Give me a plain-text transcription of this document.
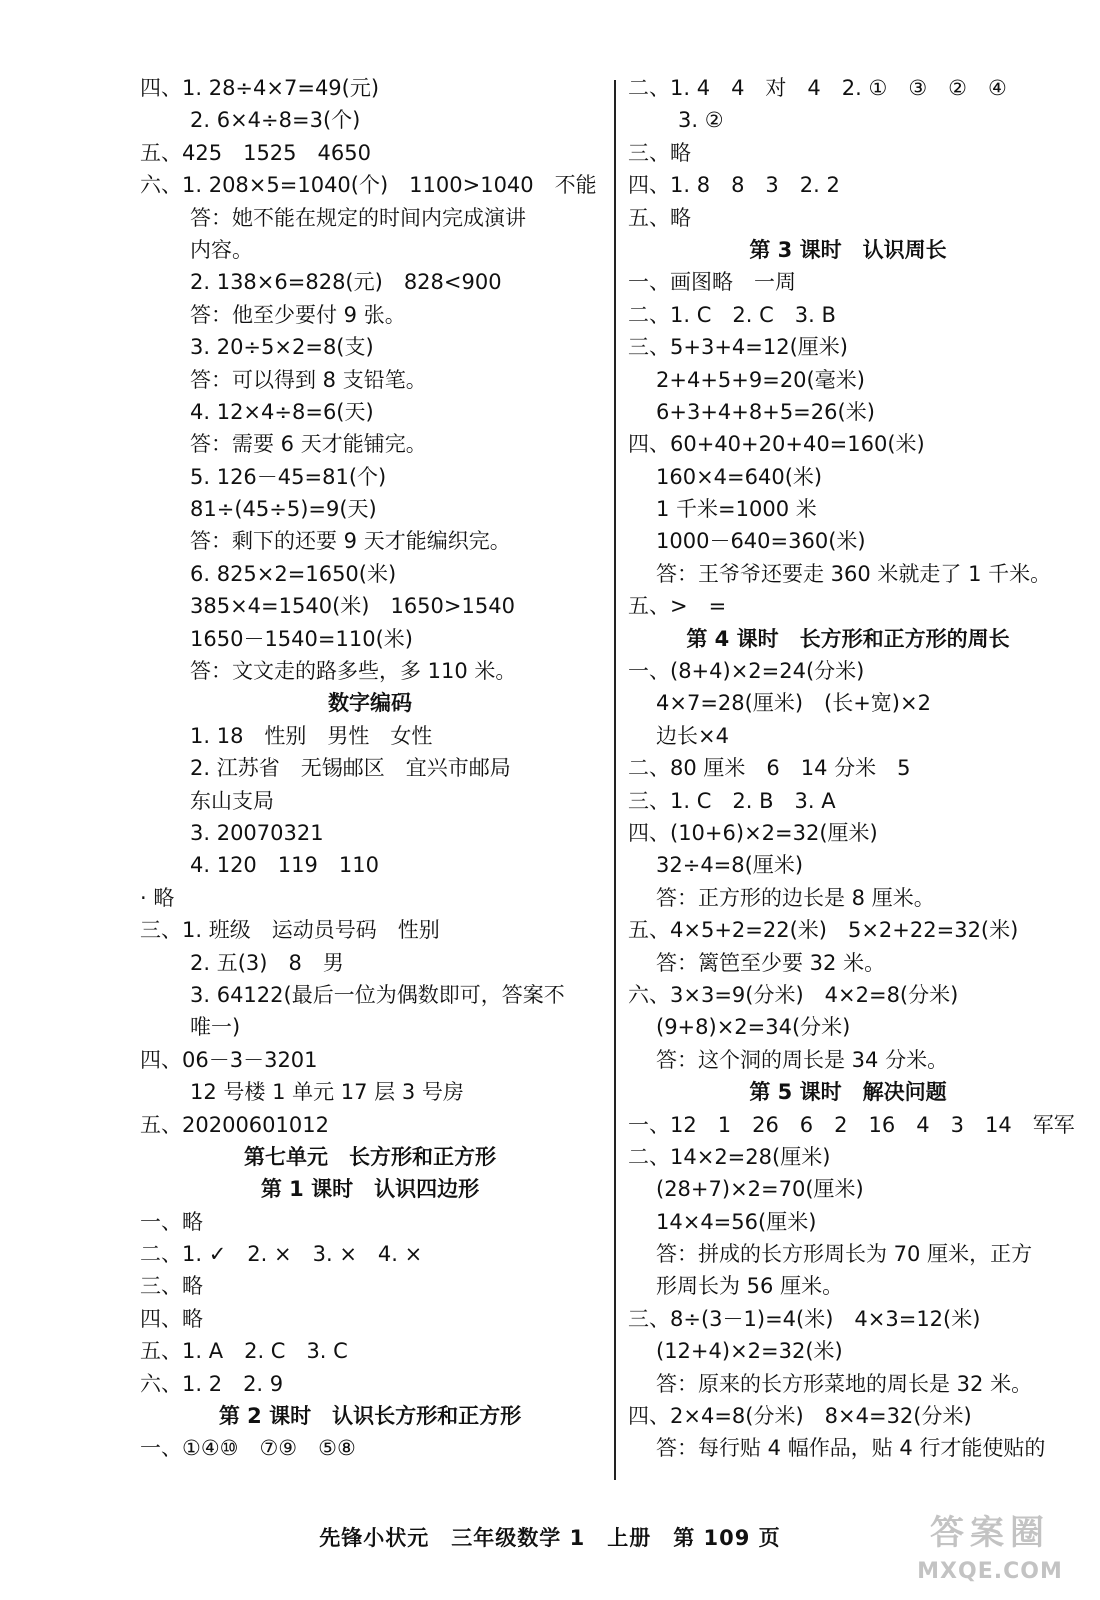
四、1. 28÷4×7=49(元)
2. 6×4÷8=3(个)
五、425　1525　4650
六、1. 208×5=1040(个)　1100>1040　不能
答：她不能在规定的时间内完成演讲
内容。
2. 138×6=828(元)　828<900
答：他至少要付 9 张。
3. 20÷5×2=8(支)
答：可以得到 8 支铅笔。
4. 12×4÷8=6(天)
答：需要 6 天才能铺完。
5. 126－45=81(个)
81÷(45÷5)=9(天)
答：剩下的还要 9 天才能编织完。
6. 825×2=1650(米)
385×4=1540(米)　1650>1540
1650－1540=110(米)
答：文文走的路多些，多 110 米。
数字编码
1. 18　性别　男性　女性
2. 江苏省　无锡邮区　宜兴市邮局
东山支局
3. 20070321
4. 120　119　110
· 略
三、1. 班级　运动员号码　性别
2. 五(3)　8　男
3. 64122(最后一位为偶数即可，答案不
唯一)
四、06－3－3201
12 号楼 1 单元 17 层 3 号房
五、20200601012
第七单元　长方形和正方形
第 1 课时　认识四边形
一、略
二、1. ✓　2. ×　3. ×　4. ×
三、略
四、略
五、1. A　2. C　3. C
六、1. 2　2. 9
第 2 课时　认识长方形和正方形
一、①④⑩　⑦⑨　⑤⑧
二、1. 4　4　对　4　2. ①　③　②　④
3. ②
三、略
四、1. 8　8　3　2. 2
五、略
第 3 课时　认识周长
一、画图略　一周
二、1. C　2. C　3. B
三、5+3+4=12(厘米)
2+4+5+9=20(毫米)
6+3+4+8+5=26(米)
四、60+40+20+40=160(米)
160×4=640(米)
1 千米=1000 米
1000－640=360(米)
答：王爷爷还要走 360 米就走了 1 千米。
五、>　=
第 4 课时　长方形和正方形的周长
一、(8+4)×2=24(分米)
4×7=28(厘米)　(长+宽)×2
边长×4
二、80 厘米　6　14 分米　5
三、1. C　2. B　3. A
四、(10+6)×2=32(厘米)
32÷4=8(厘米)
答：正方形的边长是 8 厘米。
五、4×5+2=22(米)　5×2+22=32(米)
答：篱笆至少要 32 米。
六、3×3=9(分米)　4×2=8(分米)
(9+8)×2=34(分米)
答：这个洞的周长是 34 分米。
第 5 课时　解决问题
一、12　1　26　6　2　16　4　3　14　军军
二、14×2=28(厘米)
(28+7)×2=70(厘米)
14×4=56(厘米)
答：拼成的长方形周长为 70 厘米，正方
形周长为 56 厘米。
三、8÷(3－1)=4(米)　4×3=12(米)
(12+4)×2=32(米)
答：原来的长方形菜地的周长是 32 米。
四、2×4=8(分米)　8×4=32(分米)
答：每行贴 4 幅作品，贴 4 行才能使贴的
先锋小状元　三年级数学 1　上册　第 109 页	答案圈
MXQE.COM
